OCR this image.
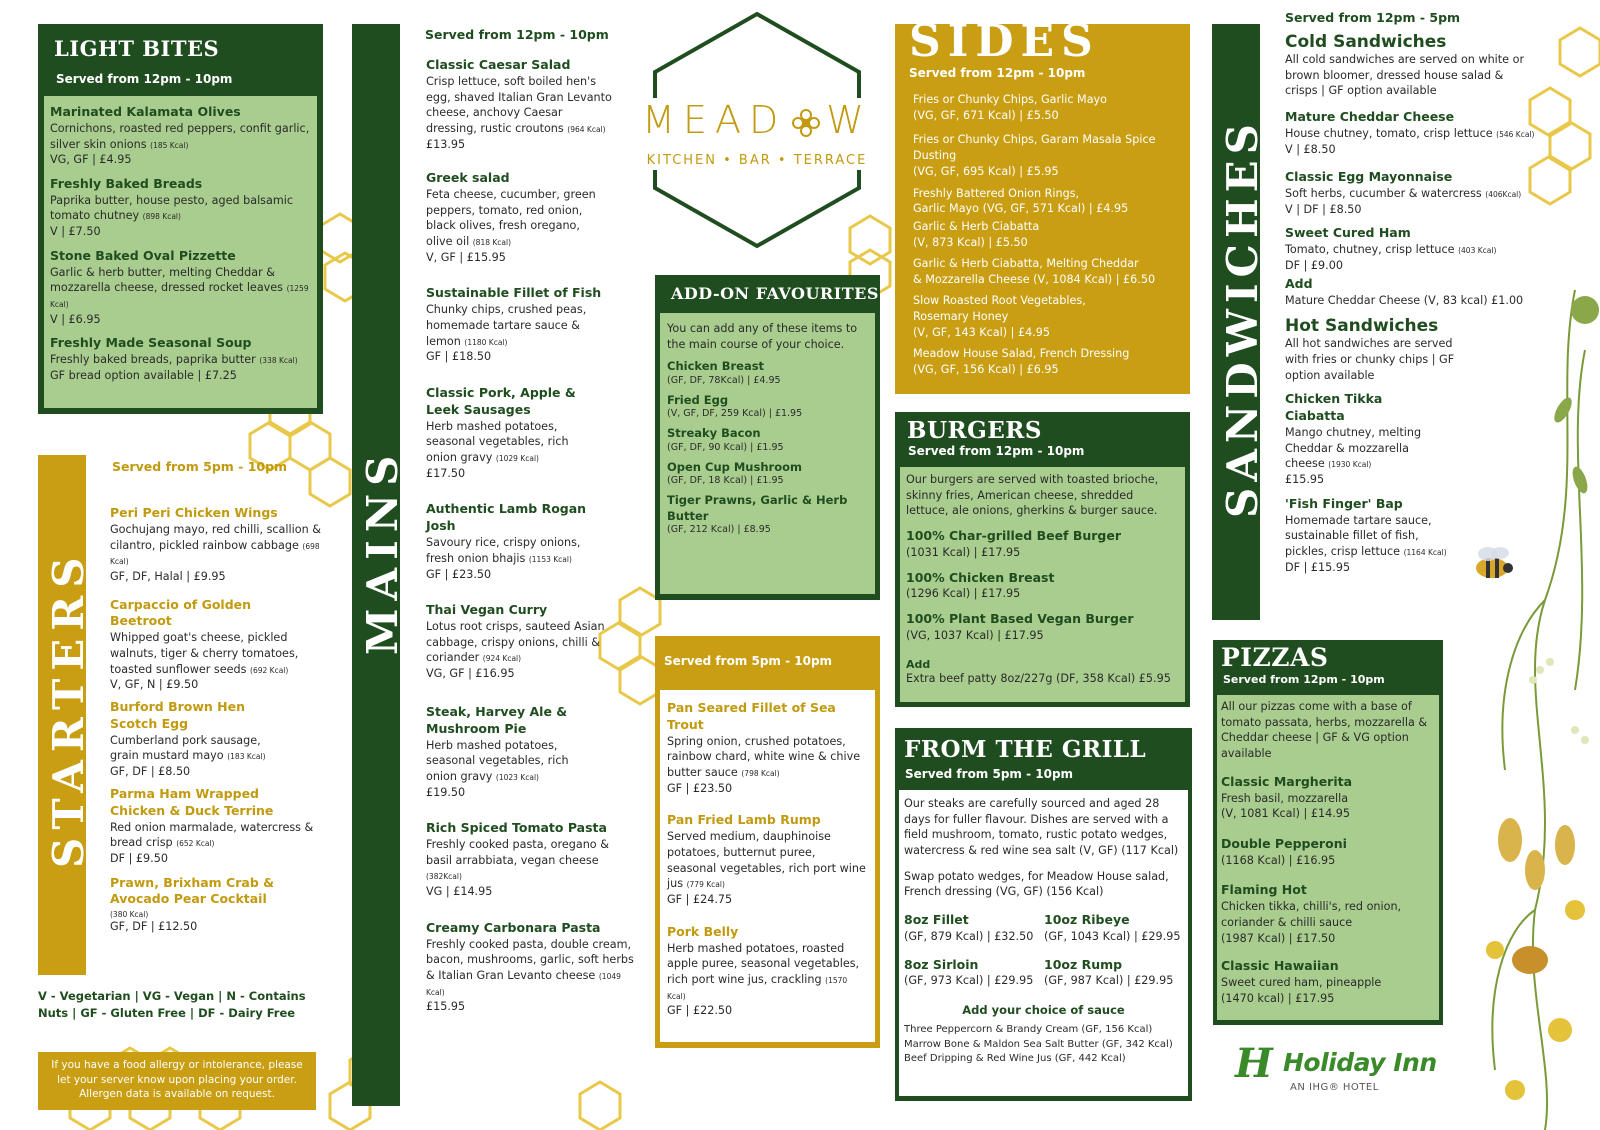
LIGHT BITES
Served from 12pm - 10pm
Marinated Kalamata Olives
Cornichons, roasted red peppers, confit garlic, silver skin onions (185 Kcal)
VG, GF | £4.95
Freshly Baked Breads
Paprika butter, house pesto, aged balsamic tomato chutney (898 Kcal)
V | £7.50
Stone Baked Oval Pizzette
Garlic & herb butter, melting Cheddar & mozzarella cheese, dressed rocket leaves (1259 Kcal)
V | £6.95
Freshly Made Seasonal Soup
Freshly baked breads, paprika butter (338 Kcal)
GF bread option available | £7.25
STARTERS
Served from 5pm - 10pm
Peri Peri Chicken Wings
Gochujang mayo, red chilli, scallion & cilantro, pickled rainbow cabbage (698 Kcal)
GF, DF, Halal | £9.95
Carpaccio of Golden Beetroot
Whipped goat's cheese, pickled walnuts, tiger & cherry tomatoes, toasted sunflower seeds (692 Kcal)
V, GF, N | £9.50
Burford Brown Hen Scotch Egg
Cumberland pork sausage, grain mustard mayo (183 Kcal)
GF, DF | £8.50
Parma Ham Wrapped Chicken & Duck Terrine
Red onion marmalade, watercress & bread crisp (652 Kcal)
DF | £9.50
Prawn, Brixham Crab & Avocado Pear Cocktail
(380 Kcal)
GF, DF | £12.50
V - Vegetarian | VG - Vegan | N - Contains Nuts | GF - Gluten Free | DF - Dairy Free
If you have a food allergy or intolerance, please let your server know upon placing your order. Allergen data is available on request.
MAINS
Served from 12pm - 10pm
Classic Caesar Salad
Crisp lettuce, soft boiled hen's egg, shaved Italian Gran Levanto cheese, anchovy Caesar dressing, rustic croutons (964 Kcal)
£13.95
Greek salad
Feta cheese, cucumber, green peppers, tomato, red onion, black olives, fresh oregano, olive oil (818 Kcal)
V, GF | £15.95
Sustainable Fillet of Fish
Chunky chips, crushed peas, homemade tartare sauce & lemon (1180 Kcal)
GF | £18.50
Classic Pork, Apple & Leek Sausages
Herb mashed potatoes, seasonal vegetables, rich onion gravy (1029 Kcal)
£17.50
Authentic Lamb Rogan Josh
Savoury rice, crispy onions, fresh onion bhajis (1153 Kcal)
GF | £23.50
Thai Vegan Curry
Lotus root crisps, sauteed Asian cabbage, crispy onions, chilli & coriander (924 Kcal)
VG, GF | £16.95
Steak, Harvey Ale & Mushroom Pie
Herb mashed potatoes, seasonal vegetables, rich onion gravy (1023 Kcal)
£19.50
Rich Spiced Tomato Pasta
Freshly cooked pasta, oregano & basil arrabbiata, vegan cheese (382Kcal)
VG | £14.95
Creamy Carbonara Pasta
Freshly cooked pasta, double cream, bacon, mushrooms, garlic, soft herbs & Italian Gran Levanto cheese (1049 Kcal)
£15.95
MEAD W
KITCHEN • BAR • TERRACE
ADD-ON FAVOURITES
You can add any of these items to the main course of your choice.
Chicken Breast
(GF, DF, 78Kcal) | £4.95
Fried Egg
(V, GF, DF, 259 Kcal) | £1.95
Streaky Bacon
(GF, DF, 90 Kcal) | £1.95
Open Cup Mushroom
(GF, DF, 18 Kcal) | £1.95
Tiger Prawns, Garlic & Herb Butter
(GF, 212 Kcal) | £8.95
Served from 5pm - 10pm
Pan Seared Fillet of Sea Trout
Spring onion, crushed potatoes, rainbow chard, white wine & chive butter sauce (798 Kcal)
GF | £23.50
Pan Fried Lamb Rump
Served medium, dauphinoise potatoes, butternut puree, seasonal vegetables, rich port wine jus (779 Kcal)
GF | £24.75
Pork Belly
Herb mashed potatoes, roasted apple puree, seasonal vegetables, rich port wine jus, crackling (1570 Kcal)
GF | £22.50
SIDES
Served from 12pm - 10pm
Fries or Chunky Chips, Garlic Mayo
(VG, GF, 671 Kcal) | £5.50
Fries or Chunky Chips, Garam Masala Spice Dusting
(VG, GF, 695 Kcal) | £5.95
Freshly Battered Onion Rings,
Garlic Mayo (VG, GF, 571 Kcal) | £4.95
Garlic & Herb Ciabatta
(V, 873 Kcal) | £5.50
Garlic & Herb Ciabatta, Melting Cheddar
& Mozzarella Cheese (V, 1084 Kcal) | £6.50
Slow Roasted Root Vegetables, Rosemary Honey
(V, GF, 143 Kcal) | £4.95
Meadow House Salad, French Dressing
(VG, GF, 156 Kcal) | £6.95
BURGERS
Served from 12pm - 10pm
Our burgers are served with toasted brioche, skinny fries, American cheese, shredded lettuce, ale onions, gherkins & burger sauce.
100% Char-grilled Beef Burger
(1031 Kcal) | £17.95
100% Chicken Breast
(1296 Kcal) | £17.95
100% Plant Based Vegan Burger
(VG, 1037 Kcal) | £17.95
Add
Extra beef patty 8oz/227g (DF, 358 Kcal) £5.95
FROM THE GRILL
Served from 5pm - 10pm
Our steaks are carefully sourced and aged 28 days for fuller flavour. Dishes are served with a field mushroom, tomato, rustic potato wedges, watercress & red wine sea salt (V, GF) (117 Kcal)
Swap potato wedges, for Meadow House salad, French dressing (VG, GF) (156 Kcal)
8oz Fillet
(GF, 879 Kcal) | £32.50
10oz Ribeye
(GF, 1043 Kcal) | £29.95
8oz Sirloin
(GF, 973 Kcal) | £29.95
10oz Rump
(GF, 987 Kcal) | £29.95
Add your choice of sauce
Three Peppercorn & Brandy Cream (GF, 156 Kcal)
Marrow Bone & Maldon Sea Salt Butter (GF, 342 Kcal)
Beef Dripping & Red Wine Jus (GF, 442 Kcal)
SANDWICHES
Served from 12pm - 5pm
Cold Sandwiches
All cold sandwiches are served on white or brown bloomer, dressed house salad & crisps | GF option available
Mature Cheddar Cheese
House chutney, tomato, crisp lettuce (546 Kcal)
V | £8.50
Classic Egg Mayonnaise
Soft herbs, cucumber & watercress (406Kcal)
V | DF | £8.50
Sweet Cured Ham
Tomato, chutney, crisp lettuce (403 Kcal)
DF | £9.00
Add
Mature Cheddar Cheese (V, 83 kcal) £1.00
Hot Sandwiches
All hot sandwiches are served with fries or chunky chips | GF option available
Chicken Tikka Ciabatta
Mango chutney, melting Cheddar & mozzarella cheese (1930 Kcal)
£15.95
'Fish Finger' Bap
Homemade tartare sauce, sustainable fillet of fish, pickles, crisp lettuce (1164 Kcal)
DF | £15.95
PIZZAS
Served from 12pm - 10pm
All our pizzas come with a base of tomato passata, herbs, mozzarella & Cheddar cheese | GF & VG option available
Classic Margherita
Fresh basil, mozzarella
(V, 1081 Kcal) | £14.95
Double Pepperoni
(1168 Kcal) | £16.95
Flaming Hot
Chicken tikka, chilli's, red onion, coriander & chilli sauce
(1987 Kcal) | £17.50
Classic Hawaiian
Sweet cured ham, pineapple
(1470 kcal) | £17.95
H Holiday Inn
AN IHG® HOTEL
